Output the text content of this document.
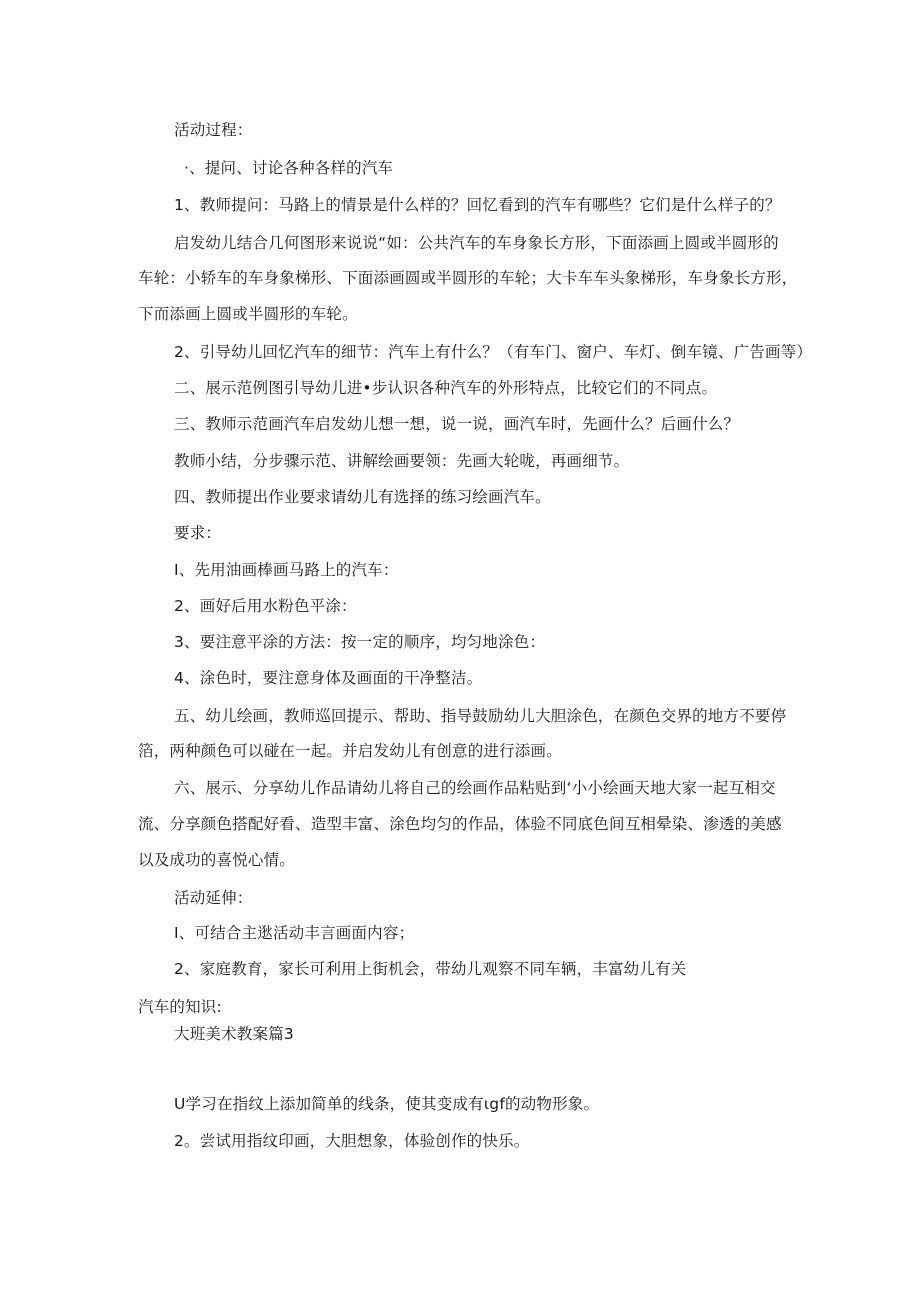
活动过程：
·、提问、讨论各种各样的汽车
1、教师提问：马路上的情景是什么样的？回忆看到的汽车有哪些？它们是什么样子的？
启发幼儿结合几何图形来说说“如：公共汽车的车身象长方形，下面添画上圆或半圆形的
车轮：小轿车的车身象梯形、下面添画圆或半圆形的车轮；大卡车车头象梯形，车身象长方形，
下而添画上圆或半圆形的车轮。
2、引导幼儿回忆汽车的细节：汽车上有什么？（有车门、窗户、车灯、倒车镜、广告画等）
二、展示范例图引导幼儿进•步认识各种汽车的外形特点，比较它们的不同点。
三、教师示范画汽车启发幼儿想一想，说一说，画汽车时，先画什么？后画什么？
教师小结，分步骤示范、讲解绘画要领：先画大轮咙，再画细节。
四、教师提出作业要求请幼儿有选择的练习绘画汽车。
要求：
I、先用油画棒画马路上的汽车：
2、画好后用水粉色平涂：
3、要注意平涂的方法：按一定的顺序，均匀地涂色：
4、涂色时，要注意身体及画面的干净整洁。
五、幼儿绘画，教师巡回提示、帮助、指导鼓励幼儿大胆涂色，在颜色交界的地方不要停
箔，两种颜色可以碰在一起。并启发幼儿有创意的进行添画。
六、展示、分享幼儿作品请幼儿将自己的绘画作品粘贴到‘小小绘画天地大家一起互相交
流、分享颜色搭配好看、造型丰富、涂色均匀的作品，体验不同底色间互相晕染、渗透的美感
以及成功的喜悦心情。
活动延伸：
I、可结合主逖活动丰言画面内容；
2、家庭教育，家长可利用上街机会，带幼儿观察不同车辆，丰富幼儿有关
汽车的知识:
大班美术教案篇3
U学习在指纹上添加简单的线条，使其变成有ιgf的动物形象。
2。尝试用指纹印画，大胆想象，体验创作的快乐。
